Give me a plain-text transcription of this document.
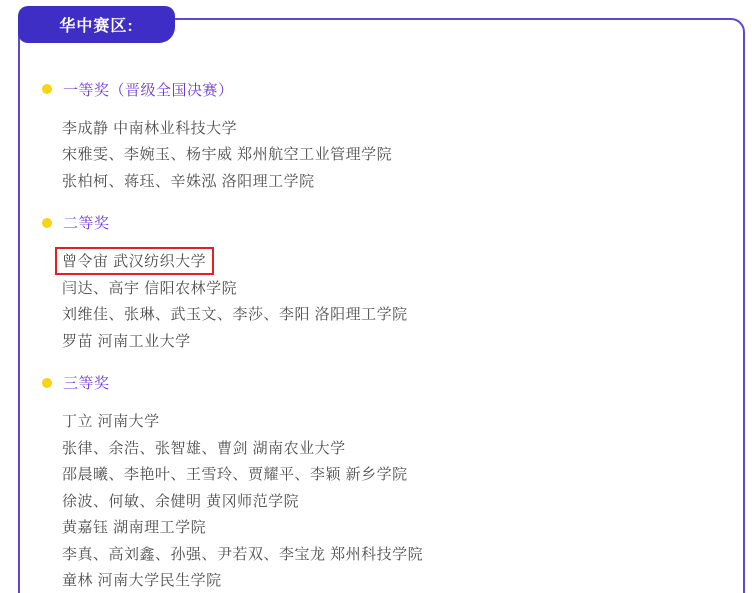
华中赛区:
一等奖（晋级全国决赛）
李成静 中南林业科技大学
宋雅雯、李婉玉、杨宇威 郑州航空工业管理学院
张柏柯、蒋珏、辛姝泓 洛阳理工学院
二等奖
曾令宙 武汉纺织大学
闫达、高宇 信阳农林学院
刘维佳、张琳、武玉文、李莎、李阳 洛阳理工学院
罗苗 河南工业大学
三等奖
丁立 河南大学
张律、余浩、张智雄、曹剑 湖南农业大学
邵晨曦、李艳叶、王雪玲、贾耀平、李颖 新乡学院
徐波、何敏、余健明 黄冈师范学院
黄嘉钰 湖南理工学院
李真、高刘鑫、孙强、尹若双、李宝龙 郑州科技学院
童林 河南大学民生学院
